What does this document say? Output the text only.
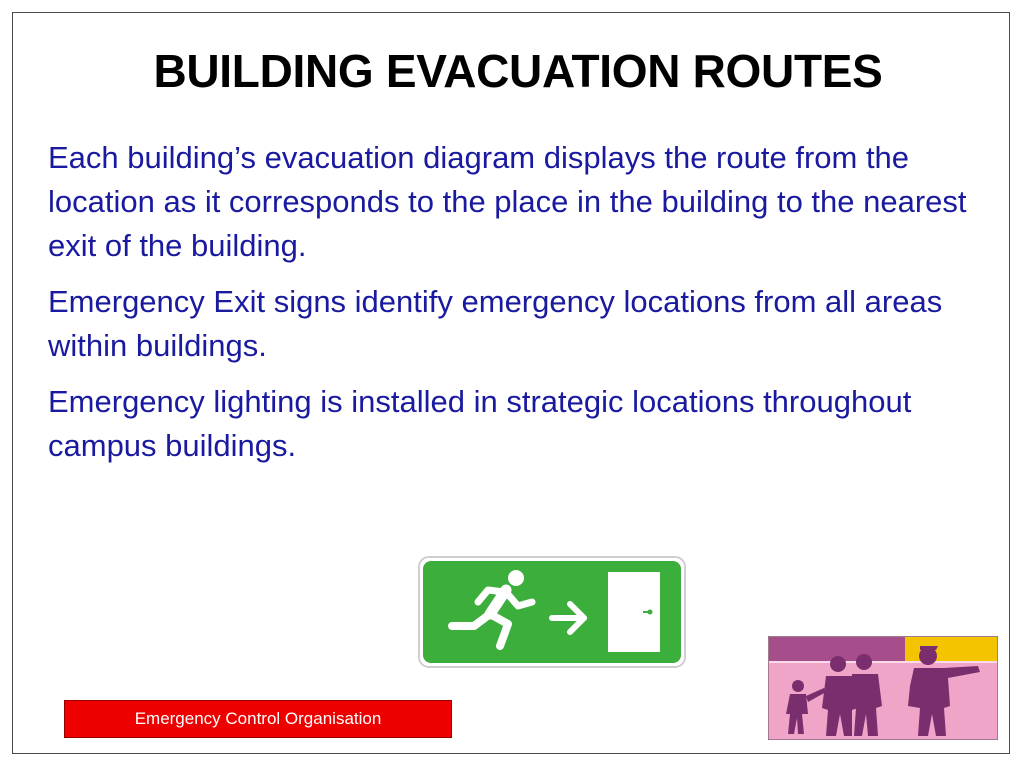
BUILDING EVACUATION ROUTES

Each building’s evacuation diagram displays the route from the location as it corresponds to the place in the building to the nearest exit of the building.

Emergency Exit signs identify emergency locations from all areas within buildings.

Emergency lighting is installed in strategic locations throughout campus buildings.

Emergency Control Organisation
